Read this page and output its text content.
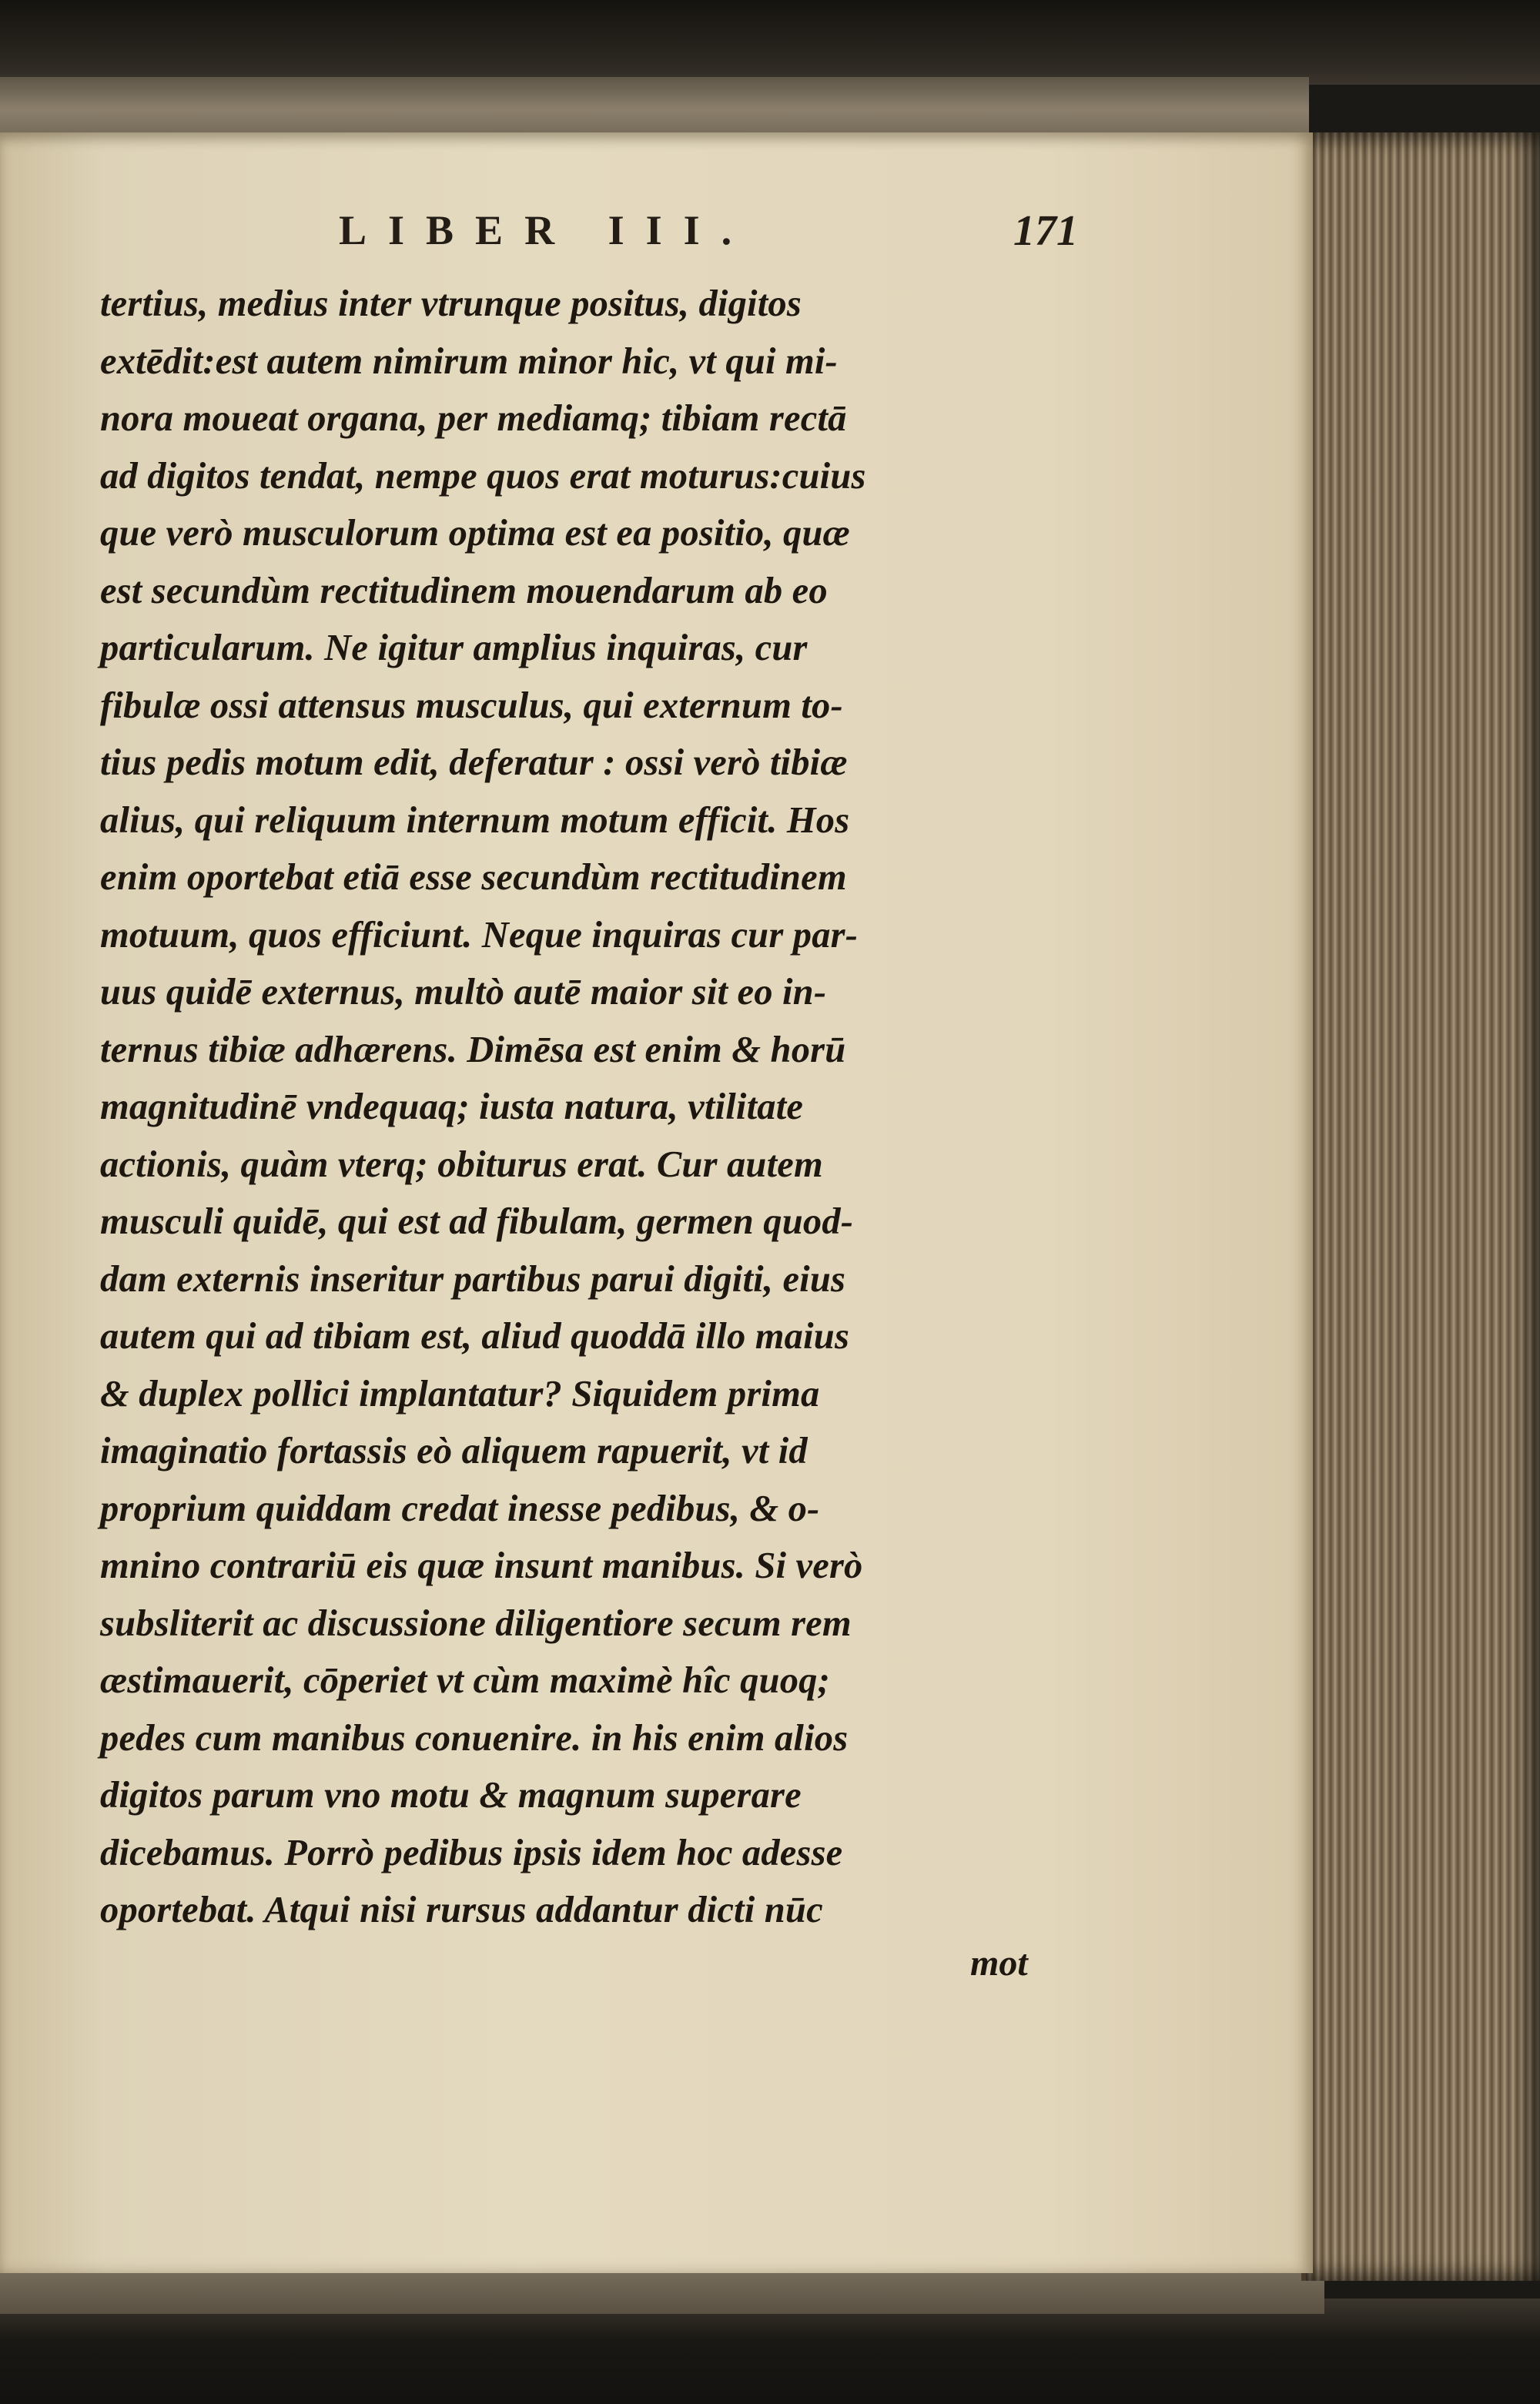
LIBER III.	171
tertius, medius inter vtrunque positus, digitos
extēdit:est autem nimirum minor hic, vt qui mi-
nora moueat organa, per mediamq; tibiam rectā
ad digitos tendat, nempe quos erat moturus:cuius
que verò musculorum optima est ea positio, quæ
est secundùm rectitudinem mouendarum ab eo
particularum. Ne igitur amplius inquiras, cur
fibulæ ossi attensus musculus, qui externum to-
tius pedis motum edit, deferatur : ossi verò tibiæ
alius, qui reliquum internum motum efficit. Hos
enim oportebat etiā esse secundùm rectitudinem
motuum, quos efficiunt. Neque inquiras cur par-
uus quidē externus, multò autē maior sit eo in-
ternus tibiæ adhærens. Dimēsa est enim & horū
magnitudinē vndequaq; iusta natura, vtilitate
actionis, quàm vterq; obiturus erat. Cur autem
musculi quidē, qui est ad fibulam, germen quod-
dam externis inseritur partibus parui digiti, eius
autem qui ad tibiam est, aliud quoddā illo maius
& duplex pollici implantatur? Siquidem prima
imaginatio fortassis eò aliquem rapuerit, vt id
proprium quiddam credat inesse pedibus, & o-
mnino contrariū eis quæ insunt manibus. Si verò
subsliterit ac discussione diligentiore secum rem
æstimauerit, cōperiet vt cùm maximè hîc quoq;
pedes cum manibus conuenire. in his enim alios
digitos parum vno motu & magnum superare
dicebamus. Porrò pedibus ipsis idem hoc adesse
oportebat. Atqui nisi rursus addantur dicti nūc
mot
